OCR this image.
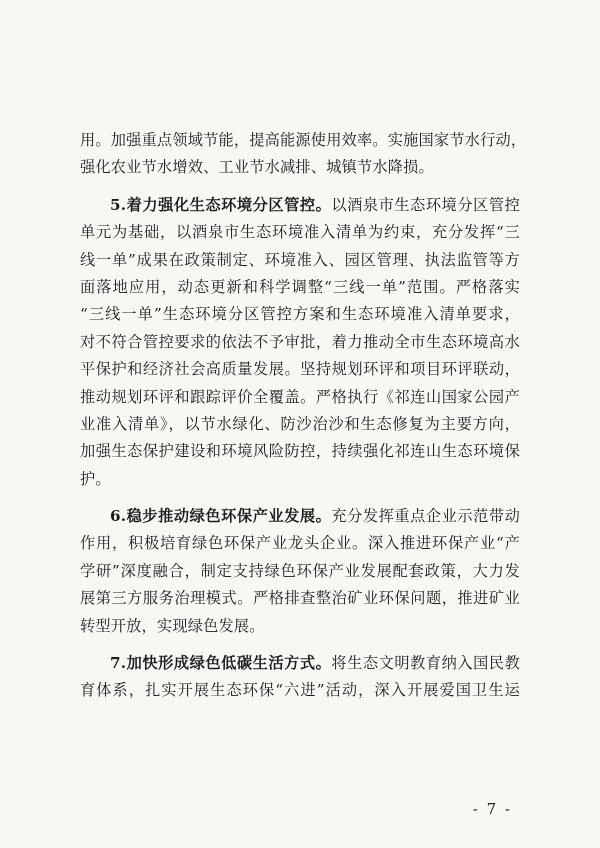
用。加强重点领域节能，提高能源使用效率。实施国家节水行动，
强化农业节水增效、工业节水减排、城镇节水降损。
5.着力强化生态环境分区管控。以酒泉市生态环境分区管控
单元为基础，以酒泉市生态环境准入清单为约束，充分发挥“三
线一单”成果在政策制定、环境准入、园区管理、执法监管等方
面落地应用，动态更新和科学调整“三线一单”范围。严格落实
“三线一单”生态环境分区管控方案和生态环境准入清单要求，
对不符合管控要求的依法不予审批，着力推动全市生态环境高水
平保护和经济社会高质量发展。坚持规划环评和项目环评联动，
推动规划环评和跟踪评价全覆盖。严格执行《祁连山国家公园产
业准入清单》，以节水绿化、防沙治沙和生态修复为主要方向，
加强生态保护建设和环境风险防控，持续强化祁连山生态环境保
护。
6.稳步推动绿色环保产业发展。充分发挥重点企业示范带动
作用，积极培育绿色环保产业龙头企业。深入推进环保产业“产
学研”深度融合，制定支持绿色环保产业发展配套政策，大力发
展第三方服务治理模式。严格排查整治矿业环保问题，推进矿业
转型开放，实现绿色发展。
7.加快形成绿色低碳生活方式。将生态文明教育纳入国民教
育体系，扎实开展生态环保“六进”活动，深入开展爱国卫生运
- 7 -
